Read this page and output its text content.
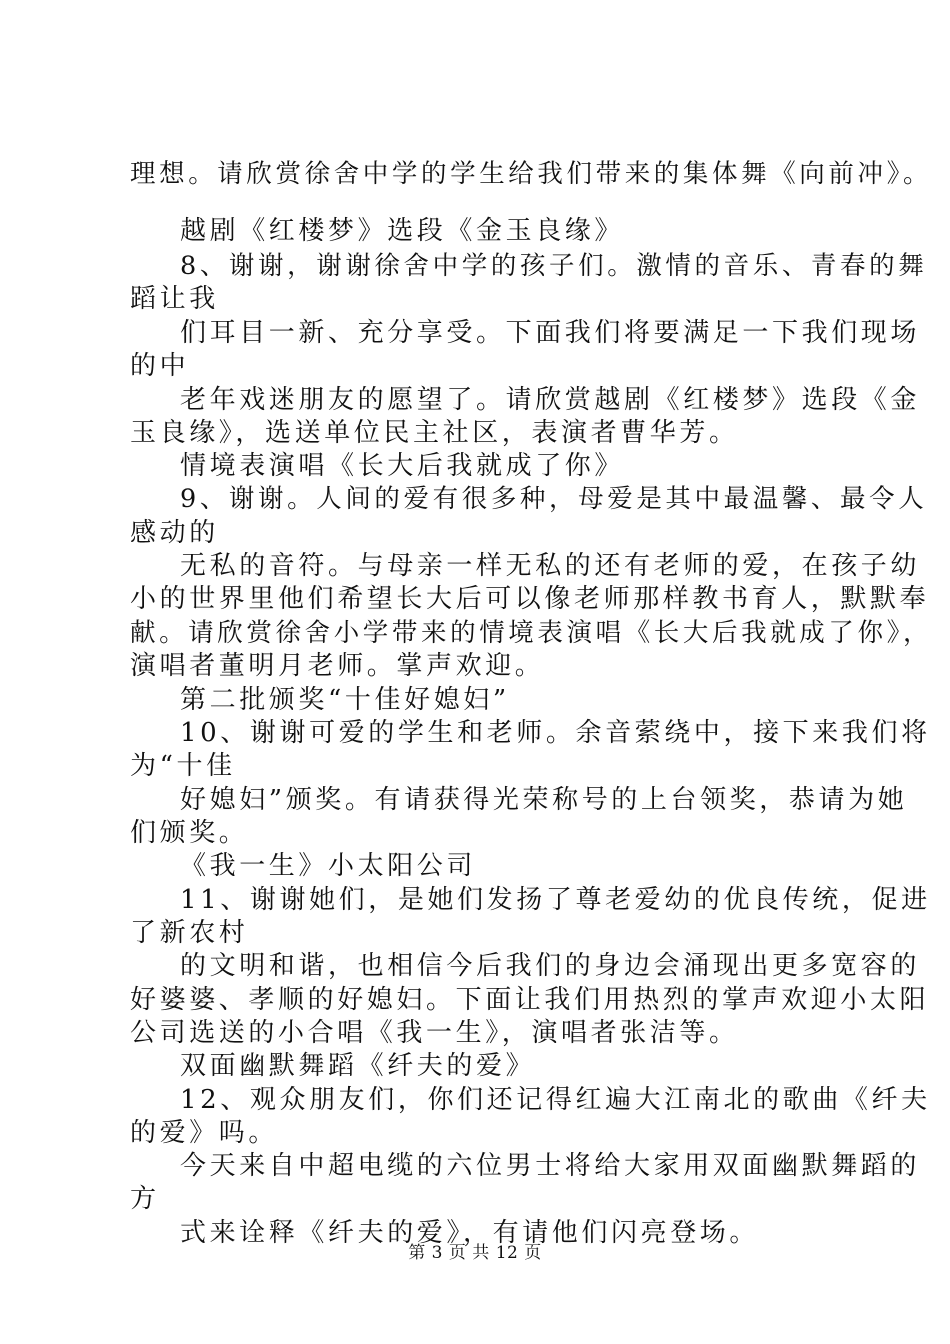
理想。请欣赏徐舍中学的学生给我们带来的集体舞《向前冲》。
越剧《红楼梦》选段《金玉良缘》
8、谢谢，谢谢徐舍中学的孩子们。激情的音乐、青春的舞
蹈让我
们耳目一新、充分享受。下面我们将要满足一下我们现场
的中
老年戏迷朋友的愿望了。请欣赏越剧《红楼梦》选段《金
玉良缘》，选送单位民主社区，表演者曹华芳。
情境表演唱《长大后我就成了你》
9、谢谢。人间的爱有很多种，母爱是其中最温馨、最令人
感动的
无私的音符。与母亲一样无私的还有老师的爱，在孩子幼
小的世界里他们希望长大后可以像老师那样教书育人，默默奉
献。请欣赏徐舍小学带来的情境表演唱《长大后我就成了你》，
演唱者董明月老师。掌声欢迎。
第二批颁奖“十佳好媳妇”
10、谢谢可爱的学生和老师。余音萦绕中，接下来我们将
为“十佳
好媳妇”颁奖。有请获得光荣称号的上台领奖，恭请为她
们颁奖。
《我一生》小太阳公司
11、谢谢她们，是她们发扬了尊老爱幼的优良传统，促进
了新农村
的文明和谐，也相信今后我们的身边会涌现出更多宽容的
好婆婆、孝顺的好媳妇。下面让我们用热烈的掌声欢迎小太阳
公司选送的小合唱《我一生》，演唱者张洁等。
双面幽默舞蹈《纤夫的爱》
12、观众朋友们，你们还记得红遍大江南北的歌曲《纤夫
的爱》吗。
今天来自中超电缆的六位男士将给大家用双面幽默舞蹈的
方
式来诠释《纤夫的爱》，有请他们闪亮登场。
第 3 页 共 12 页
